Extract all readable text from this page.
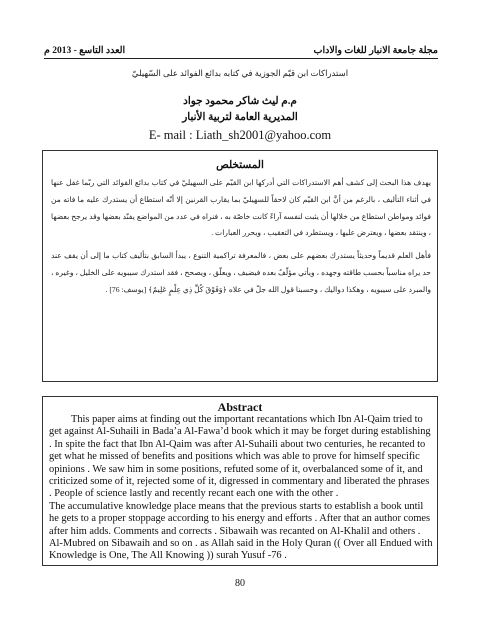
مجلة جامعة الانبار للغات والاداب
العدد التاسع - 2013 م
استدراكات ابن قيّم الجوزية في كتابه بدائع الفوائد على السّهيليّ
م.م ليث شاكر محمود جواد
المديرية العامة لتربية الأنبار
E- mail : Liath_sh2001@yahoo.com
المستخلص

يهدف هذا البحث إلى كشف أهم الاستدراكات التي أدركها ابن القيّم على السهيليّ في كتاب بدائع الفوائد التي ربّما غفل عنها في أثناء التأليف ، بالرغم من أنَّ ابن القيّم كان لاحقاً للسهيليّ بما يقارب القرنين إلا أنّه استطاع أن يستدرك عليه ما فاته من فوائد ومواطن استطاع من خلالها أن يثبت لنفسه آراءً كانت خاصّة به ، فنراه في عدد من المواضع يفنّد بعضها وقد يرجح بعضها ، وينتقد بعضها ، ويعترض عليها ، ويستطرد في التعقيب ، ويحرر العبارات .

فأهل العلم قديماً وحديثاً يستدرك بعضهم على بعض ، فالمعرفة تراكمية التنوع ، يبدأ السابق بتأليف كتاب ما إلى أن يقف عند حد يراه مناسباً بحسب طاقته وجهده ، ويأتي مؤلّفٌ بعده فيضيف ، ويعلّق ، ويصحح ، فقد استدرك سيبويه على الخليل ، وغيره ، والمبرد على سيبويه ، وهكذا دواليك ، وحسبنا قول الله جلّ في علاه ﴿وَفَوْقَ كُلِّ ذِي عِلْمٍ عَلِيمٌ﴾ [يوسف: 76] .

Abstract

This paper aims at finding out the important recantations which Ibn Al-Qaim tried to get against Al-Suhaili in Bada’a Al-Fawa’d book which it may be forget during establishing . In spite the fact that Ibn Al-Qaim was after Al-Suhaili about two centuries, he recanted to get what he missed of benefits and positions which was able to prove for himself specific opinions . We saw him in some positions, refuted some of it, overbalanced some of it, and criticized some of it, rejected some of it, digressed in commentary and liberated the phrases . People of science lastly and recently recant each one with the other .

The accumulative knowledge place means that the previous starts to establish a book until he gets to a proper stoppage according to his energy and efforts . After that an author comes after him adds. Comments and corrects . Sibawaih was recanted on Al-Khalil and others . Al-Mubred on Sibawaih and so on . as Allah said in the Holy Quran (( Over all Endued with Knowledge is One, The All Knowing )) surah Yusuf -76 .

80
